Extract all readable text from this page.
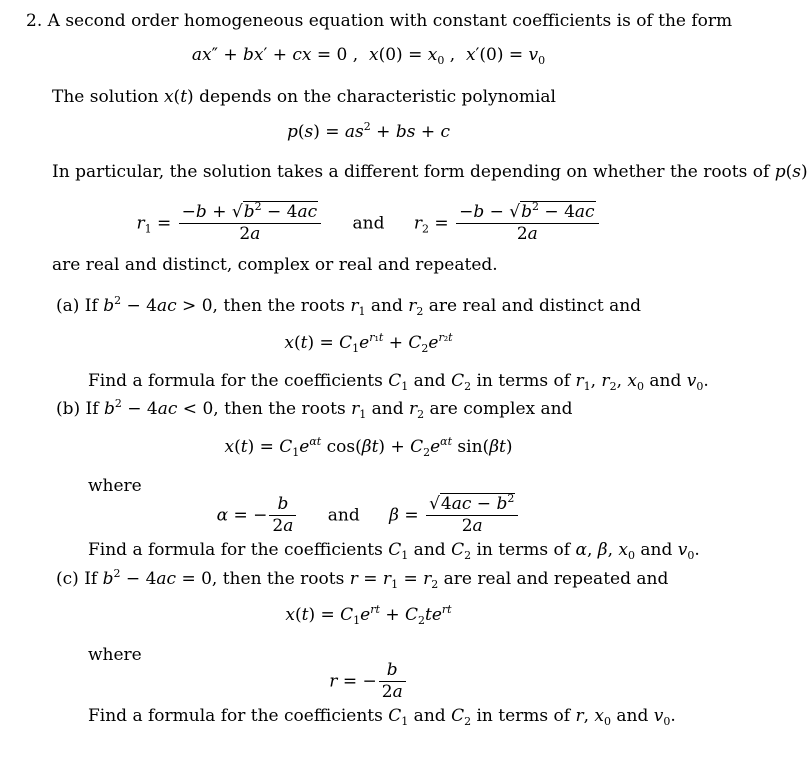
2. A second order homogeneous equation with constant coefficients is of the form
ax″ + bx′ + cx = 0 ,  $x(0) = x_0$ ,  $x'(0) = v_0$
The solution x(t) depends on the characteristic polynomial
$p(s) = as^2$ + bs + c
In particular, the solution takes a different form depending on whether the roots of p(s)
$r_1 = \frac{-b + √b^2 - 4ac}{2a}$ and $r_2 = \frac{-b - √b^2 - 4ac}{2a}$
are real and distinct, complex or real and repeated.
(a) If $b^2 - 4ac > 0$, then the roots $r_1$ and $r_2$ are real and distinct and
$x(t) = C_1e^{r_1t} + C_2e^{r_2t}$
Find a formula for the coefficients $C_1$ and $C_2$ in terms of $r_1$, $r_2$, $x_0$ and $v_0$.
(b) If $b^2 - 4ac < 0$, then the roots $r_1$ and $r_2$ are complex and
$x(t) = C_1e^{\alpha t}$ $\cos(\beta t) + C_2e^{\alpha t}$ sin(βt)
where
α = − $\frac{b}{2a}$ and $\beta = \frac{√4ac - b^2}{2a}$
Find a formula for the coefficients $C_1$ and $C_2$ in terms of α, β, $x_0$ and $v_0$.
(c) If $b^2 - 4ac = 0$, then the roots $r = r_1 = r_2$ are real and repeated and
$x(t) = C_1e^{rt} + C_2te^{rt}$
where
r = − $\frac{b}{2a}$
Find a formula for the coefficients $C_1$ and $C_2$ in terms of r, $x_0$ and $v_0$.
